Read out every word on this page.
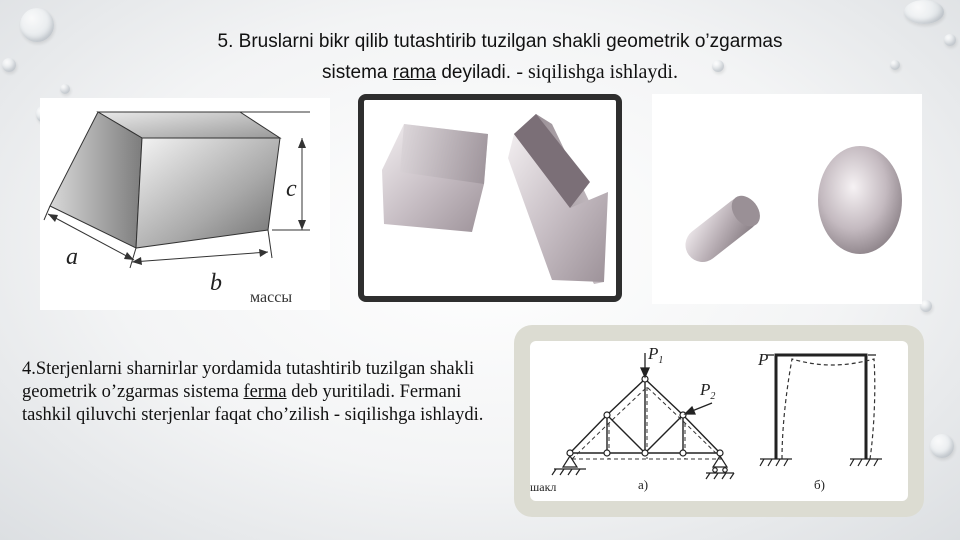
5. Bruslarni bikr qilib tutashtirib tuzilgan shakli geometrik o’zgarmas
sistema rama deyiladi. - siqilishga ishlaydi.
c
a
b
массы
4.Sterjenlarni sharnirlar yordamida tutashtirib tuzilgan shakli geometrik o’zgarmas sistema ferma deb yuritiladi. Fermani tashkil qiluvchi sterjenlar faqat cho’zilish - siqilishga ishlaydi.
$P_1$
$P_2$
P
шакл	а)	б)
